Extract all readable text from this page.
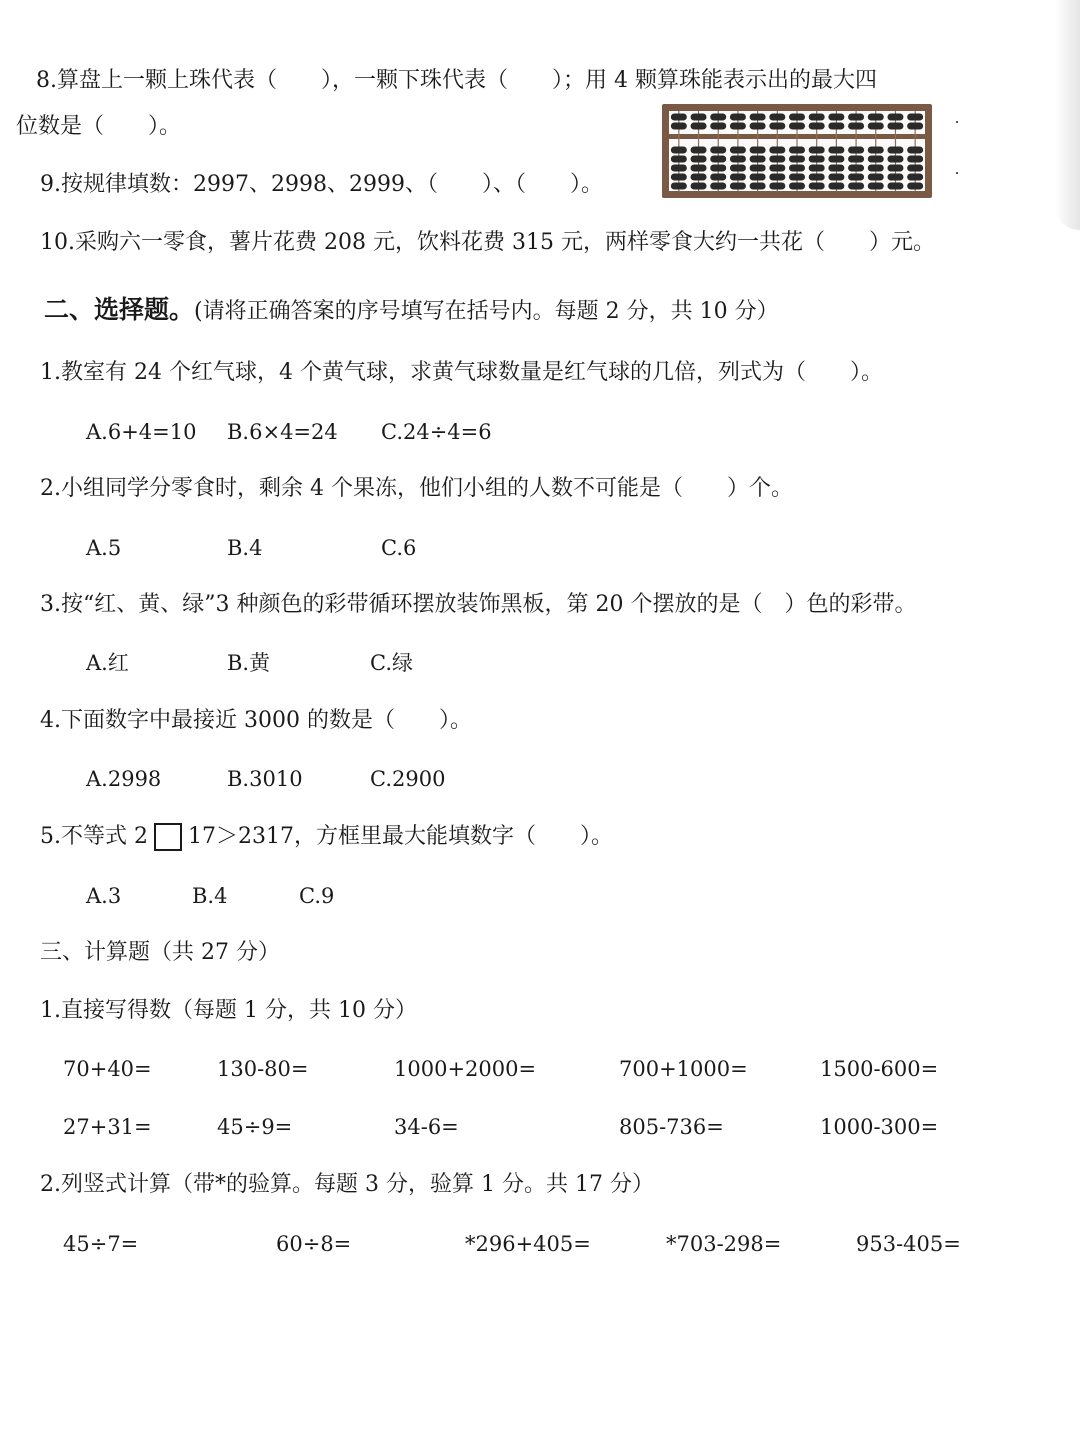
8.算盘上一颗上珠代表（　　），一颗下珠代表（　　）；用 4 颗算珠能表示出的最大四
位数是（　　）。
9.按规律填数：2997、2998、2999、（　　）、（　　）。
10.采购六一零食，薯片花费 208 元，饮料花费 315 元，两样零食大约一共花（　　）元。
二、选择题。(请将正确答案的序号填写在括号内。每题 2 分，共 10 分）
1.教室有 24 个红气球，4 个黄气球，求黄气球数量是红气球的几倍，列式为（　　）。
A.6+4=10 B.6×4=24 C.24÷4=6
2.小组同学分零食时，剩余 4 个果冻，他们小组的人数不可能是（　　）个。
A.5	B.4	C.6
3.按“红、黄、绿”3 种颜色的彩带循环摆放装饰黑板，第 20 个摆放的是（　）色的彩带。
A.红	B.黄	C.绿
4.下面数字中最接近 3000 的数是（　　）。
A.2998	B.3010	C.2900
5.不等式 2 17＞2317，方框里最大能填数字（　　）。
A.3	B.4	C.9
三、计算题（共 27 分）
1.直接写得数（每题 1 分，共 10 分）
70+40=	130-80=	1000+2000=	700+1000=	1500-600=
27+31=	45÷9=	34-6=	805-736=	1000-300=
2.列竖式计算（带*的验算。每题 3 分，验算 1 分。共 17 分）
45÷7=	60÷8=	*296+405=	*703-298=	953-405=
